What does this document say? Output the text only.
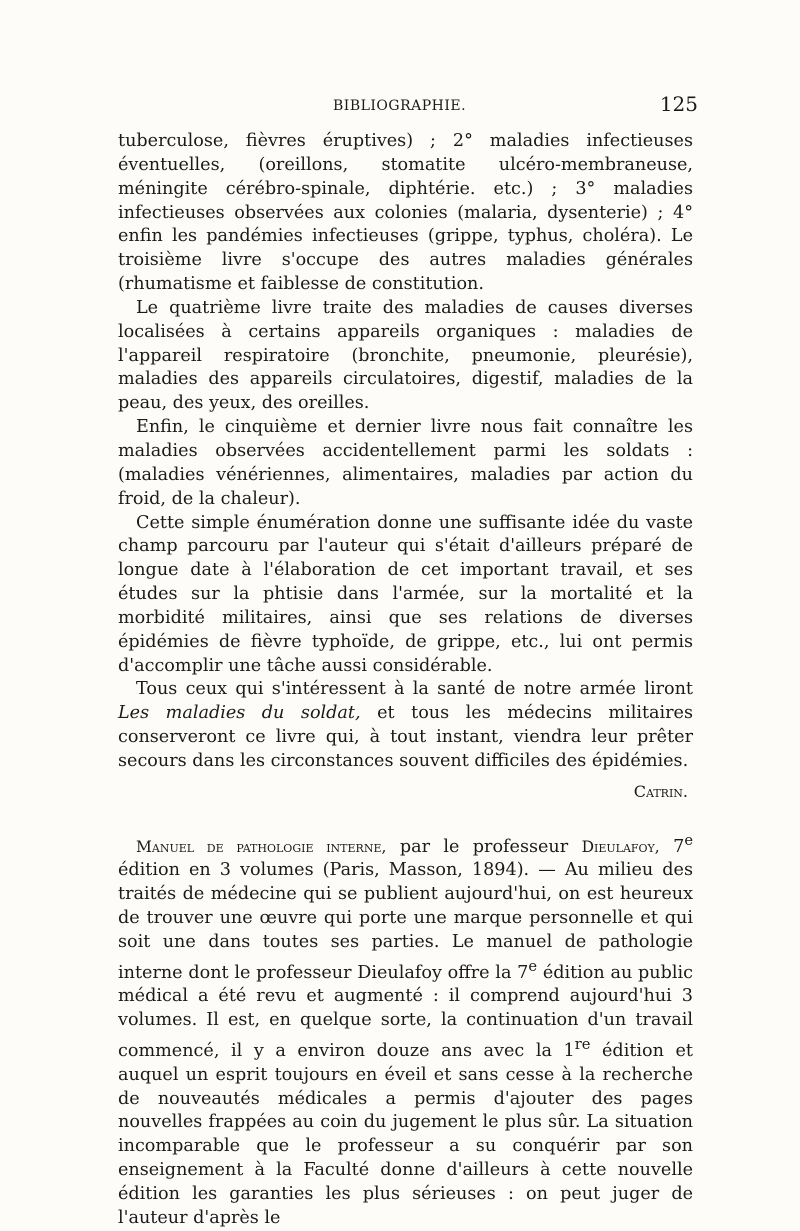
BIBLIOGRAPHIE.	125

tuberculose, fièvres éruptives) ; 2° maladies infectieuses éventuelles, (oreillons, stomatite ulcéro-membraneuse, méningite cérébro-spinale, diphtérie. etc.) ; 3° maladies infectieuses observées aux colonies (malaria, dysenterie) ; 4° enfin les pandémies infectieuses (grippe, typhus, choléra). Le troisième livre s'occupe des autres maladies générales (rhumatisme et faiblesse de constitution.

Le quatrième livre traite des maladies de causes diverses localisées à certains appareils organiques : maladies de l'appareil respiratoire (bronchite, pneumonie, pleurésie), maladies des appareils circulatoires, digestif, maladies de la peau, des yeux, des oreilles.

Enfin, le cinquième et dernier livre nous fait connaître les maladies observées accidentellement parmi les soldats : (maladies vénériennes, alimentaires, maladies par action du froid, de la chaleur).

Cette simple énumération donne une suffisante idée du vaste champ parcouru par l'auteur qui s'était d'ailleurs préparé de longue date à l'élaboration de cet important travail, et ses études sur la phtisie dans l'armée, sur la mortalité et la morbidité militaires, ainsi que ses relations de diverses épidémies de fièvre typhoïde, de grippe, etc., lui ont permis d'accomplir une tâche aussi considérable.

Tous ceux qui s'intéressent à la santé de notre armée liront Les maladies du soldat, et tous les médecins militaires conserveront ce livre qui, à tout instant, viendra leur prêter secours dans les circonstances souvent difficiles des épidémies.

Catrin.

Manuel de pathologie interne, par le professeur Dieulafoy, 7e édition en 3 volumes (Paris, Masson, 1894). — Au milieu des traités de médecine qui se publient aujourd'hui, on est heureux de trouver une œuvre qui porte une marque personnelle et qui soit une dans toutes ses parties. Le manuel de pathologie interne dont le professeur Dieulafoy offre la 7e édition au public médical a été revu et augmenté : il comprend aujourd'hui 3 volumes. Il est, en quelque sorte, la continuation d'un travail commencé, il y a environ douze ans avec la 1re édition et auquel un esprit toujours en éveil et sans cesse à la recherche de nouveautés médicales a permis d'ajouter des pages nouvelles frappées au coin du jugement le plus sûr. La situation incomparable que le professeur a su conquérir par son enseignement à la Faculté donne d'ailleurs à cette nouvelle édition les garanties les plus sérieuses : on peut juger de l'auteur d'après le
